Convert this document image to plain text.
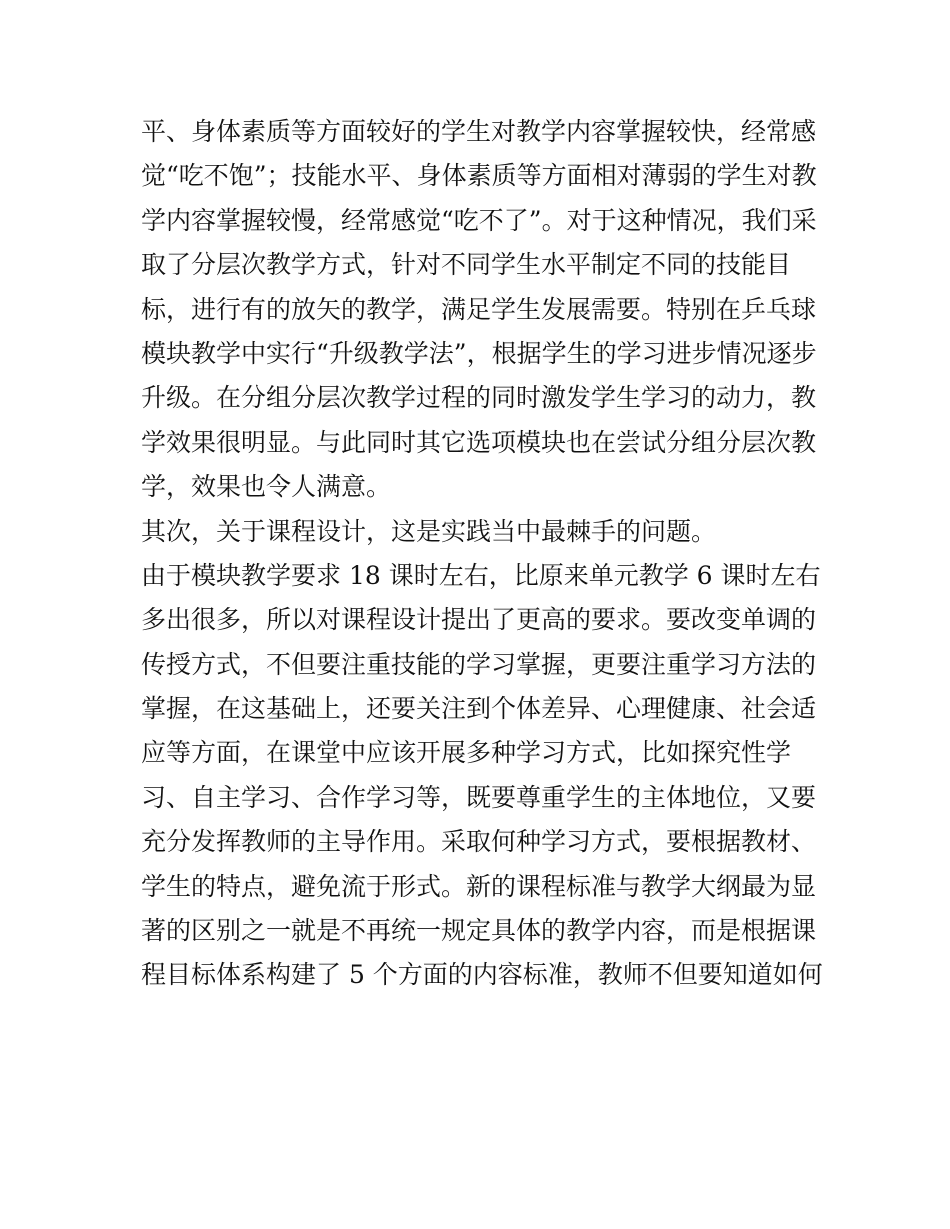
平、身体素质等方面较好的学生对教学内容掌握较快，经常感
觉“吃不饱”；技能水平、身体素质等方面相对薄弱的学生对教
学内容掌握较慢，经常感觉“吃不了”。对于这种情况，我们采
取了分层次教学方式，针对不同学生水平制定不同的技能目
标，进行有的放矢的教学，满足学生发展需要。特别在乒乓球
模块教学中实行“升级教学法”，根据学生的学习进步情况逐步
升级。在分组分层次教学过程的同时激发学生学习的动力，教
学效果很明显。与此同时其它选项模块也在尝试分组分层次教
学，效果也令人满意。
其次，关于课程设计，这是实践当中最棘手的问题。
由于模块教学要求 18 课时左右，比原来单元教学 6 课时左右
多出很多，所以对课程设计提出了更高的要求。要改变单调的
传授方式，不但要注重技能的学习掌握，更要注重学习方法的
掌握，在这基础上，还要关注到个体差异、心理健康、社会适
应等方面，在课堂中应该开展多种学习方式，比如探究性学
习、自主学习、合作学习等，既要尊重学生的主体地位，又要
充分发挥教师的主导作用。采取何种学习方式，要根据教材、
学生的特点，避免流于形式。新的课程标准与教学大纲最为显
著的区别之一就是不再统一规定具体的教学内容，而是根据课
程目标体系构建了 5 个方面的内容标准，教师不但要知道如何
